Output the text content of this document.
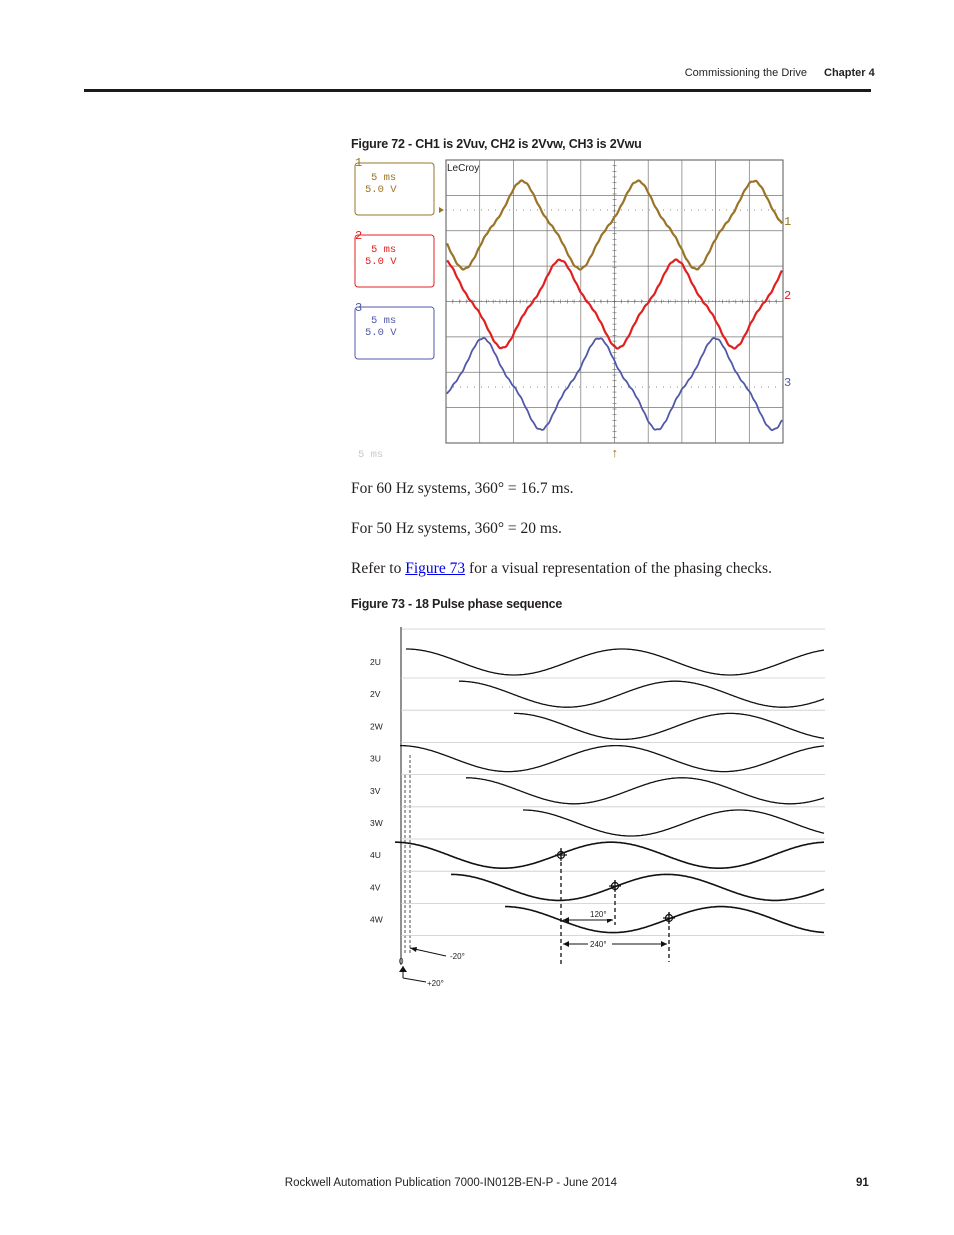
Commissioning the Drive Chapter 4
Figure 72 - CH1 is 2Vuv, CH2 is 2Vvw, CH3 is 2Vwu
1
5 ms
5.0 V
2
5 ms
5.0 V
3
5 ms
5.0 V
5 ms
LeCroy
↑
1
2
3
For 60 Hz systems, 360° = 16.7 ms.
For 50 Hz systems, 360° = 20 ms.
Refer to Figure 73 for a visual representation of the phasing checks.
Figure 73 - 18 Pulse phase sequence
2U
2V
2W
3U
3V
3W
4U
4V
4W
120°
240°
0
-20°
+20°
Rockwell Automation Publication 7000-IN012B-EN-P - June 2014	91
